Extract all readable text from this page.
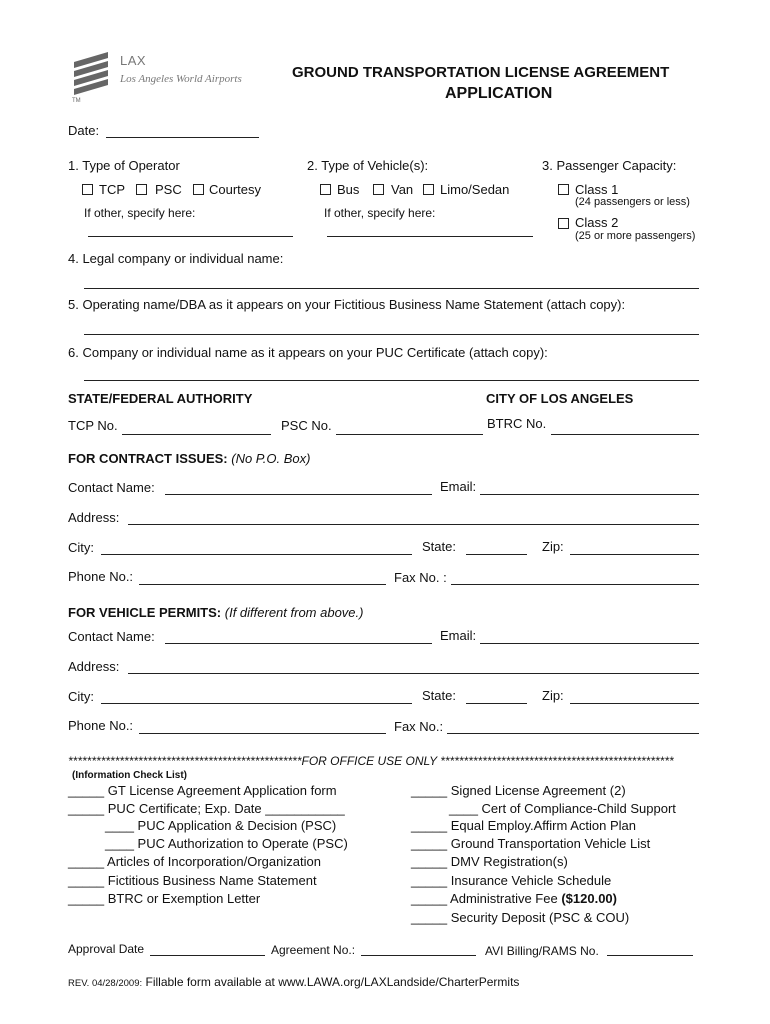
TM
LAX
Los Angeles World Airports	GROUND TRANSPORTATION LICENSE AGREEMENT
APPLICATION
Date:
1. Type of Operator
TCP PSC Courtesy
If other, specify here:
2. Type of Vehicle(s):
Bus Van Limo/Sedan
If other, specify here:
3. Passenger Capacity:
Class 1
(24 passengers or less)
Class 2
(25 or more passengers)
4. Legal company or individual name:
5. Operating name/DBA as it appears on your Fictitious Business Name Statement (attach copy):
6. Company or individual name as it appears on your PUC Certificate (attach copy):
STATE/FEDERAL AUTHORITY	CITY OF LOS ANGELES
TCP No.	PSC No.	BTRC No.
FOR CONTRACT ISSUES: (No P.O. Box)
Contact Name:	Email:
Address:
City:	State:	Zip:
Phone No.:	Fax No. :
FOR VEHICLE PERMITS: (If different from above.)
Contact Name:	Email:
Address:
City:	State:	Zip:
Phone No.:	Fax No.:
**************************************************FOR OFFICE USE ONLY **************************************************
(Information Check List)
_____ GT License Agreement Application form
_____ PUC Certificate; Exp. Date ___________
____ PUC Application & Decision (PSC)
____ PUC Authorization to Operate (PSC)
_____ Articles of Incorporation/Organization
_____ Fictitious Business Name Statement
_____ BTRC or Exemption Letter
_____ Signed License Agreement (2)
____ Cert of Compliance-Child Support
_____ Equal Employ.Affirm Action Plan
_____ Ground Transportation Vehicle List
_____ DMV Registration(s)
_____ Insurance Vehicle Schedule
_____ Administrative Fee ($120.00)
_____ Security Deposit (PSC & COU)
Approval Date	Agreement No.:	AVI Billing/RAMS No.
REV. 04/28/2009: Fillable form available at www.LAWA.org/LAXLandside/CharterPermits
